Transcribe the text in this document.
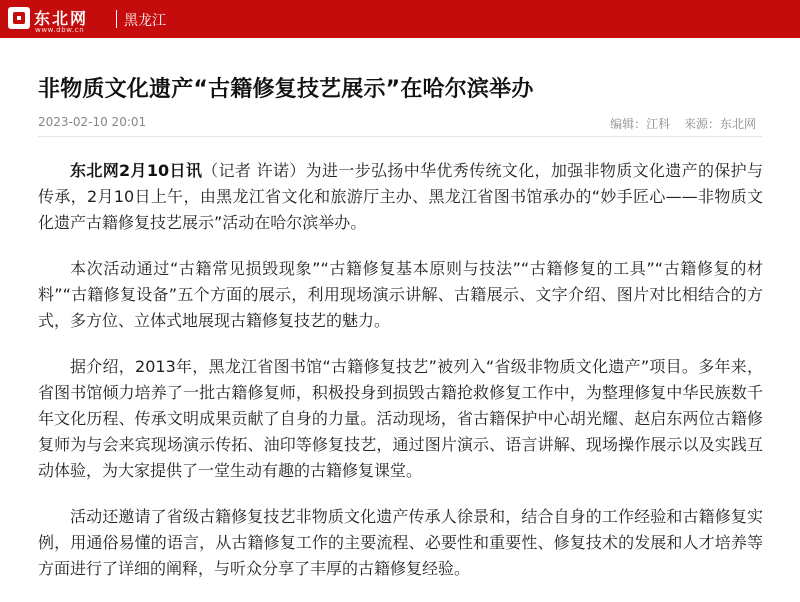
东北网
www.dbw.cn
黑龙江
非物质文化遗产“古籍修复技艺展示”在哈尔滨举办
2023-02-10 20:01	编辑：江科 来源：东北网

东北网2月10日讯（记者 许诺）为进一步弘扬中华优秀传统文化，加强非物质文化遗产的保护与传承，2月10日上午，由黑龙江省文化和旅游厅主办、黑龙江省图书馆承办的“妙手匠心——非物质文化遗产古籍修复技艺展示”活动在哈尔滨举办。

本次活动通过“古籍常见损毁现象”“古籍修复基本原则与技法”“古籍修复的工具”“古籍修复的材料”“古籍修复设备”五个方面的展示，利用现场演示讲解、古籍展示、文字介绍、图片对比相结合的方式，多方位、立体式地展现古籍修复技艺的魅力。

据介绍，2013年，黑龙江省图书馆“古籍修复技艺”被列入“省级非物质文化遗产”项目。多年来，省图书馆倾力培养了一批古籍修复师，积极投身到损毁古籍抢救修复工作中，为整理修复中华民族数千年文化历程、传承文明成果贡献了自身的力量。活动现场，省古籍保护中心胡光耀、赵启东两位古籍修复师为与会来宾现场演示传拓、油印等修复技艺，通过图片演示、语言讲解、现场操作展示以及实践互动体验，为大家提供了一堂生动有趣的古籍修复课堂。

活动还邀请了省级古籍修复技艺非物质文化遗产传承人徐景和，结合自身的工作经验和古籍修复实例，用通俗易懂的语言，从古籍修复工作的主要流程、必要性和重要性、修复技术的发展和人才培养等方面进行了详细的阐释，与听众分享了丰厚的古籍修复经验。
